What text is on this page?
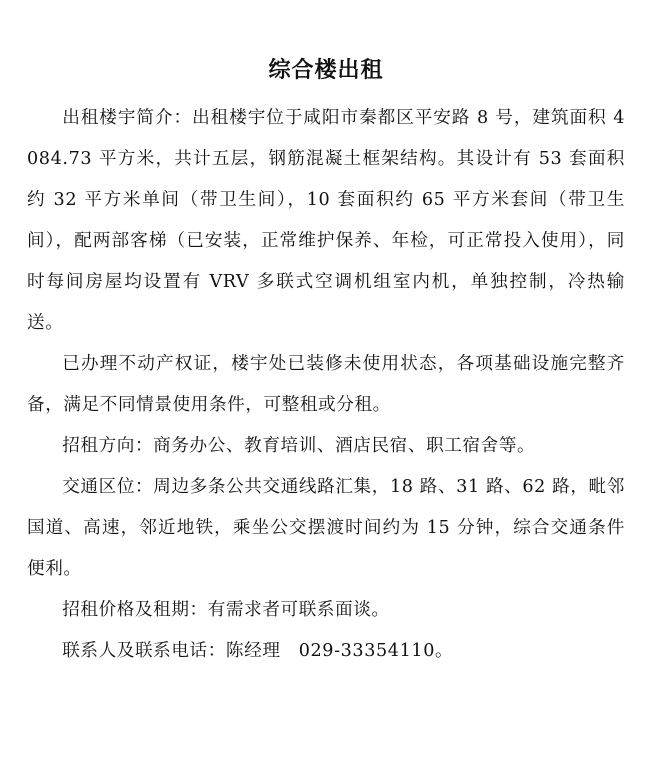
综合楼出租

出租楼宇简介：出租楼宇位于咸阳市秦都区平安路 8 号，建筑面积 4084.73 平方米，共计五层，钢筋混凝土框架结构。其设计有 53 套面积约 32 平方米单间（带卫生间），10 套面积约 65 平方米套间（带卫生间），配两部客梯（已安装，正常维护保养、年检，可正常投入使用），同时每间房屋均设置有 VRV 多联式空调机组室内机，单独控制，冷热输送。

已办理不动产权证，楼宇处已装修未使用状态，各项基础设施完整齐备，满足不同情景使用条件，可整租或分租。

招租方向：商务办公、教育培训、酒店民宿、职工宿舍等。

交通区位：周边多条公共交通线路汇集，18 路、31 路、62 路，毗邻国道、高速，邻近地铁，乘坐公交摆渡时间约为 15 分钟，综合交通条件便利。

招租价格及租期：有需求者可联系面谈。

联系人及联系电话：陈经理　029-33354110。
